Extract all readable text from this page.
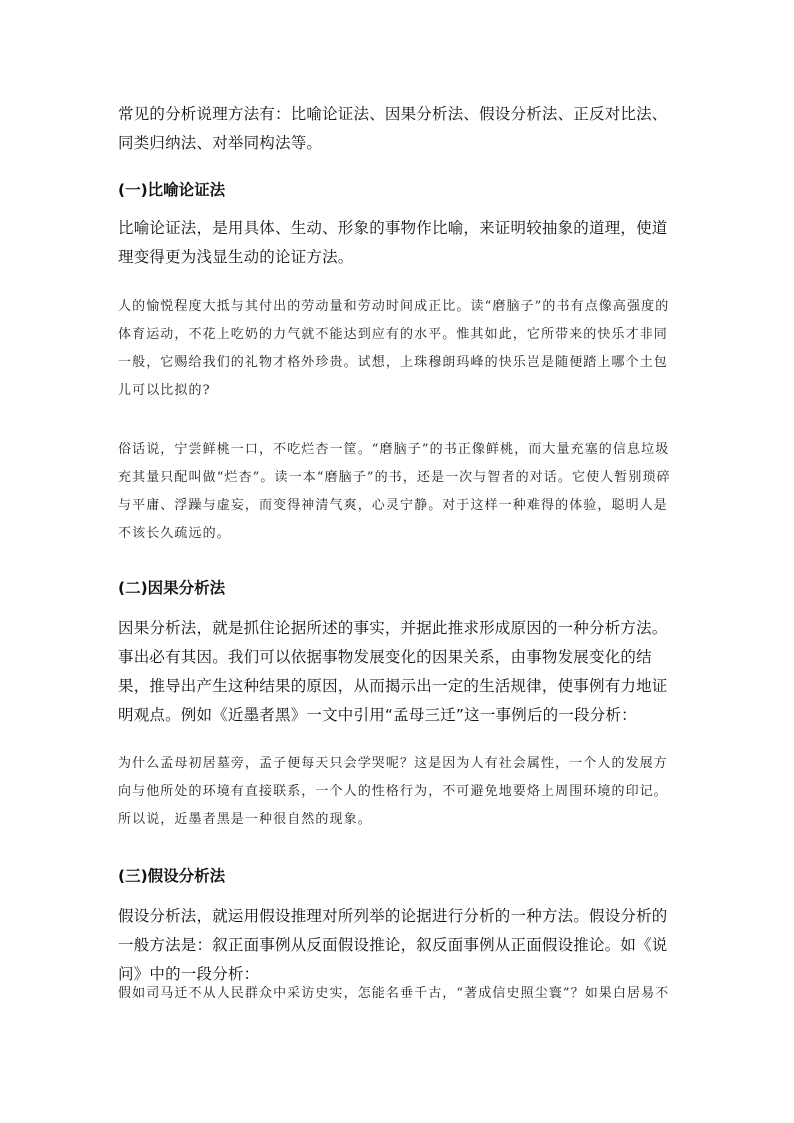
常见的分析说理方法有：比喻论证法、因果分析法、假设分析法、正反对比法、同类归纳法、对举同构法等。

(一)比喻论证法

比喻论证法，是用具体、生动、形象的事物作比喻，来证明较抽象的道理，使道理变得更为浅显生动的论证方法。

人的愉悦程度大抵与其付出的劳动量和劳动时间成正比。读“磨脑子”的书有点像高强度的体育运动，不花上吃奶的力气就不能达到应有的水平。惟其如此，它所带来的快乐才非同一般，它赐给我们的礼物才格外珍贵。试想，上珠穆朗玛峰的快乐岂是随便踏上哪个土包儿可以比拟的?

俗话说，宁尝鲜桃一口，不吃烂杏一筐。“磨脑子”的书正像鲜桃，而大量充塞的信息垃圾充其量只配叫做“烂杏”。读一本“磨脑子”的书，还是一次与智者的对话。它使人暂别琐碎与平庸、浮躁与虚妄，而变得神清气爽，心灵宁静。对于这样一种难得的体验，聪明人是不该长久疏远的。

(二)因果分析法

因果分析法，就是抓住论据所述的事实，并据此推求形成原因的一种分析方法。事出必有其因。我们可以依据事物发展变化的因果关系，由事物发展变化的结果，推导出产生这种结果的原因，从而揭示出一定的生活规律，使事例有力地证明观点。例如《近墨者黑》一文中引用“孟母三迁”这一事例后的一段分析：

为什么孟母初居墓旁，孟子便每天只会学哭呢？这是因为人有社会属性，一个人的发展方向与他所处的环境有直接联系，一个人的性格行为，不可避免地要烙上周围环境的印记。所以说，近墨者黑是一种很自然的现象。

(三)假设分析法

假设分析法，就运用假设推理对所列举的论据进行分析的一种方法。假设分析的一般方法是：叙正面事例从反面假设推论，叙反面事例从正面假设推论。如《说问》中的一段分析：

假如司马迁不从人民群众中采访史实，怎能名垂千古，“著成信史照尘寰”？如果白居易不
